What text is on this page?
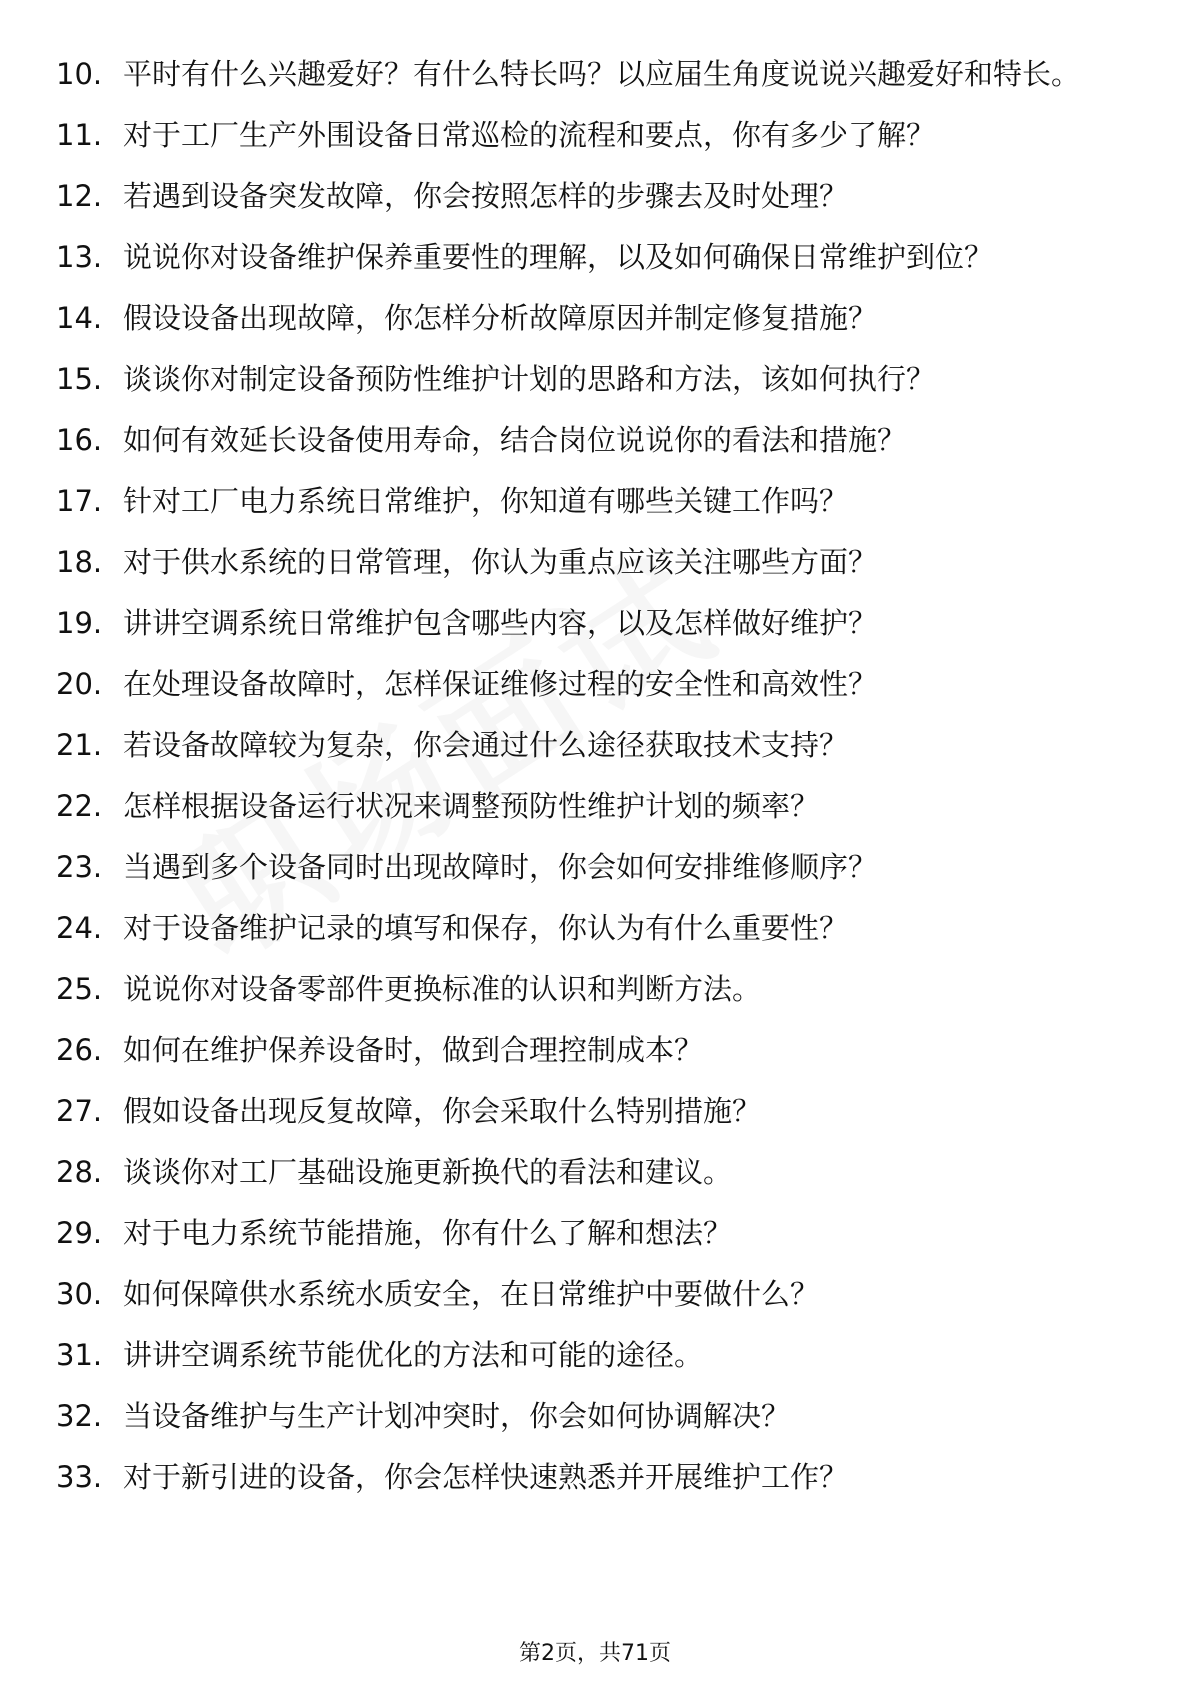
10. 平时有什么兴趣爱好？有什么特长吗？以应届生角度说说兴趣爱好和特长。
11. 对于工厂生产外围设备日常巡检的流程和要点，你有多少了解？
12. 若遇到设备突发故障，你会按照怎样的步骤去及时处理？
13. 说说你对设备维护保养重要性的理解，以及如何确保日常维护到位？
14. 假设设备出现故障，你怎样分析故障原因并制定修复措施？
15. 谈谈你对制定设备预防性维护计划的思路和方法，该如何执行？
16. 如何有效延长设备使用寿命，结合岗位说说你的看法和措施？
17. 针对工厂电力系统日常维护，你知道有哪些关键工作吗？
18. 对于供水系统的日常管理，你认为重点应该关注哪些方面？
19. 讲讲空调系统日常维护包含哪些内容，以及怎样做好维护？
20. 在处理设备故障时，怎样保证维修过程的安全性和高效性？
21. 若设备故障较为复杂，你会通过什么途径获取技术支持？
22. 怎样根据设备运行状况来调整预防性维护计划的频率？
23. 当遇到多个设备同时出现故障时，你会如何安排维修顺序？
24. 对于设备维护记录的填写和保存，你认为有什么重要性？
25. 说说你对设备零部件更换标准的认识和判断方法。
26. 如何在维护保养设备时，做到合理控制成本？
27. 假如设备出现反复故障，你会采取什么特别措施？
28. 谈谈你对工厂基础设施更新换代的看法和建议。
29. 对于电力系统节能措施，你有什么了解和想法？
30. 如何保障供水系统水质安全，在日常维护中要做什么？
31. 讲讲空调系统节能优化的方法和可能的途径。
32. 当设备维护与生产计划冲突时，你会如何协调解决？
33. 对于新引进的设备，你会怎样快速熟悉并开展维护工作？
第2页，共71页
